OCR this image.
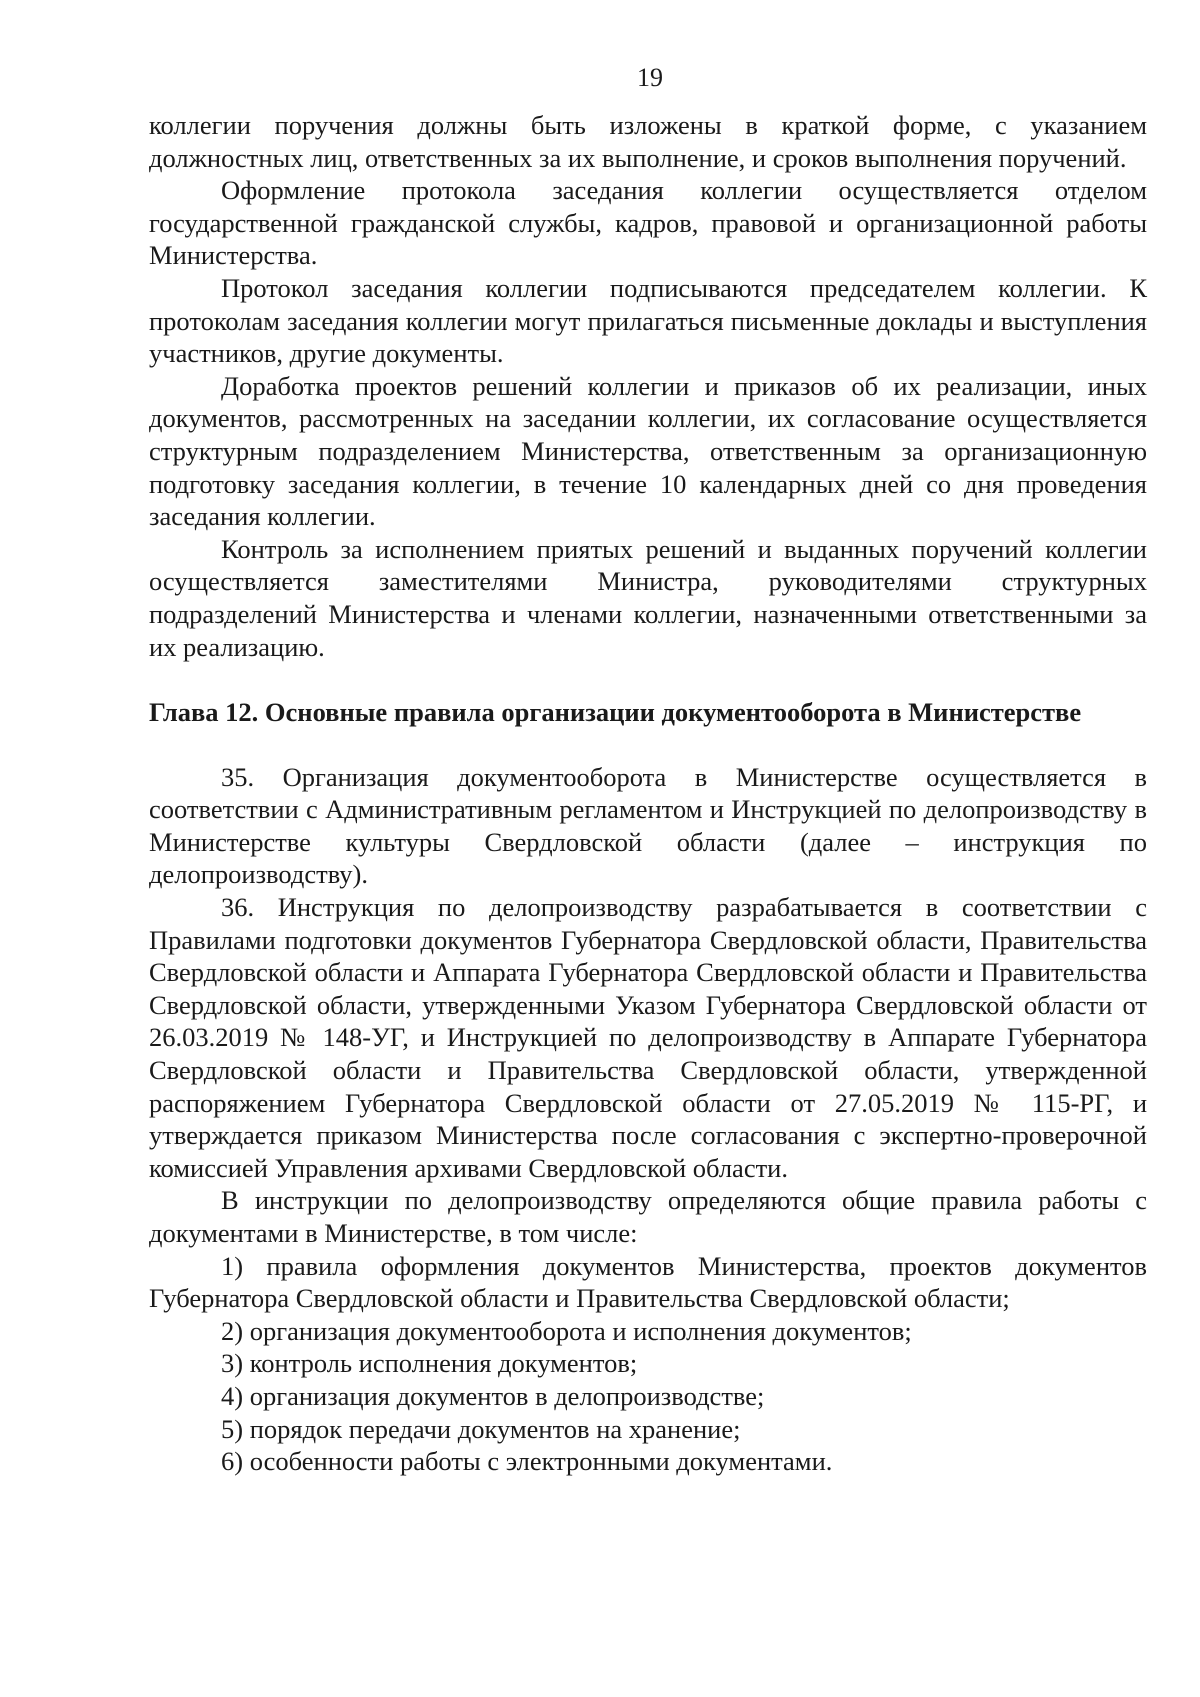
19

коллегии поручения должны быть изложены в краткой форме, с указанием должностных лиц, ответственных за их выполнение, и сроков выполнения поручений.

Оформление протокола заседания коллегии осуществляется отделом государственной гражданской службы, кадров, правовой и организационной работы Министерства.

Протокол заседания коллегии подписываются председателем коллегии. К протоколам заседания коллегии могут прилагаться письменные доклады и выступления участников, другие документы.

Доработка проектов решений коллегии и приказов об их реализации, иных документов, рассмотренных на заседании коллегии, их согласование осуществляется структурным подразделением Министерства, ответственным за организационную подготовку заседания коллегии, в течение 10 календарных дней со дня проведения заседания коллегии.

Контроль за исполнением приятых решений и выданных поручений коллегии осуществляется заместителями Министра, руководителями структурных подразделений Министерства и членами коллегии, назначенными ответственными за их реализацию.

Глава 12. Основные правила организации документооборота в Министерстве

35. Организация документооборота в Министерстве осуществляется в соответствии с Административным регламентом и Инструкцией по делопроизводству в Министерстве культуры Свердловской области (далее – инструкция по делопроизводству).

36. Инструкция по делопроизводству разрабатывается в соответствии с Правилами подготовки документов Губернатора Свердловской области, Правительства Свердловской области и Аппарата Губернатора Свердловской области и Правительства Свердловской области, утвержденными Указом Губернатора Свердловской области от 26.03.2019 № 148-УГ, и Инструкцией по делопроизводству в Аппарате Губернатора Свердловской области и Правительства Свердловской области, утвержденной распоряжением Губернатора Свердловской области от 27.05.2019 № 115-РГ, и утверждается приказом Министерства после согласования с экспертно-проверочной комиссией Управления архивами Свердловской области.

В инструкции по делопроизводству определяются общие правила работы с документами в Министерстве, в том числе:

1) правила оформления документов Министерства, проектов документов Губернатора Свердловской области и Правительства Свердловской области;

2) организация документооборота и исполнения документов;

3) контроль исполнения документов;

4) организация документов в делопроизводстве;

5) порядок передачи документов на хранение;

6) особенности работы с электронными документами.
